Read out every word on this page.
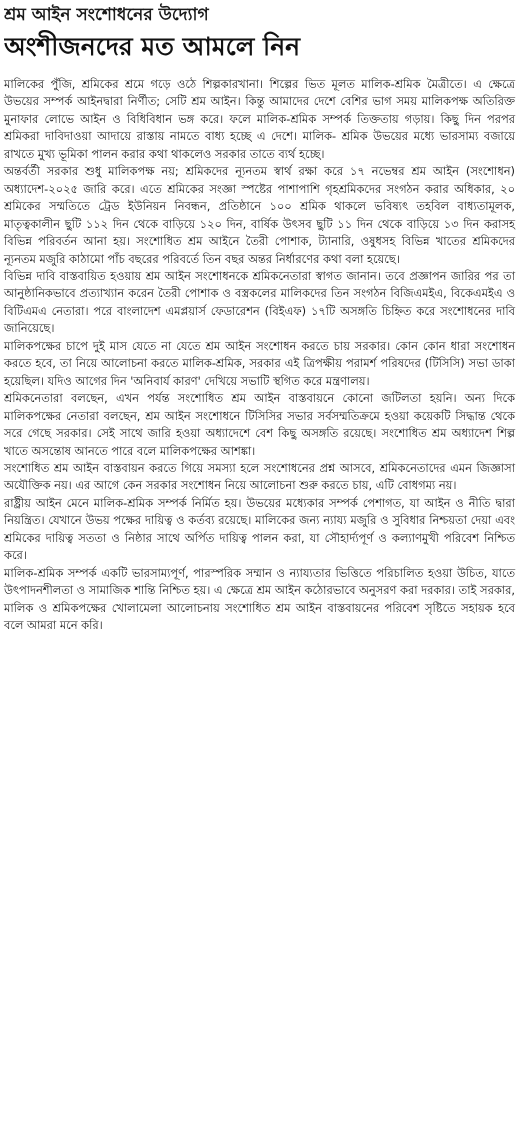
শ্রম আইন সংশোধনের উদ্যোগ
অংশীজনদের মত আমলে নিন

মালিকের পুঁজি, শ্রমিকের শ্রমে গড়ে ওঠে শিল্পকারখানা। শিল্পের ভিত মূলত মালিক-শ্রমিক মৈত্রীতে। এ ক্ষেত্রে উভয়ের সম্পর্ক আইনদ্বারা নির্ণীত; সেটি শ্রম আইন। কিন্তু আমাদের দেশে বেশির ভাগ সময় মালিকপক্ষ অতিরিক্ত মুনাফার লোভে আইন ও বিধিবিধান ভঙ্গ করে। ফলে মালিক-শ্রমিক সম্পর্ক তিক্ততায় গড়ায়। কিছু দিন পরপর শ্রমিকরা দাবিদাওয়া আদায়ে রাস্তায় নামতে বাধ্য হচ্ছে এ দেশে। মালিক- শ্রমিক উভয়ের মধ্যে ভারসাম্য বজায়ে রাখতে মুখ্য ভূমিকা পালন করার কথা থাকলেও সরকার তাতে ব্যর্থ হচ্ছে।

অন্তর্বর্তী সরকার শুধু মালিকপক্ষ নয়; শ্রমিকদের ন্যূনতম স্বার্থ রক্ষা করে ১৭ নভেম্বর শ্রম আইন (সংশোধন) অধ্যাদেশ-২০২৫ জারি করে। এতে শ্রমিকের সংজ্ঞা স্পষ্টের পাশাপাশি গৃহশ্রমিকদের সংগঠন করার অধিকার, ২০ শ্রমিকের সম্মতিতে ট্রেড ইউনিয়ন নিবন্ধন, প্রতিষ্ঠানে ১০০ শ্রমিক থাকলে ভবিষ্যৎ তহবিল বাধ্যতামূলক, মাতৃত্বকালীন ছুটি ১১২ দিন থেকে বাড়িয়ে ১২০ দিন, বার্ষিক উৎসব ছুটি ১১ দিন থেকে বাড়িয়ে ১৩ দিন করাসহ বিভিন্ন পরিবর্তন আনা হয়। সংশোধিত শ্রম আইনে তৈরী পোশাক, ট্যানারি, ওষুধসহ বিভিন্ন খাতের শ্রমিকদের ন্যূনতম মজুরি কাঠামো পাঁচ বছরের পরিবর্তে তিন বছর অন্তর নির্ধারণের কথা বলা হয়েছে।

বিভিন্ন দাবি বাস্তবায়িত হওয়ায় শ্রম আইন সংশোধনকে শ্রমিকনেতারা স্বাগত জানান। তবে প্রজ্ঞাপন জারির পর তা আনুষ্ঠানিকভাবে প্রত্যাখ্যান করেন তৈরী পোশাক ও বস্ত্রকলের মালিকদের তিন সংগঠন বিজিএমইএ, বিকেএমইএ ও বিটিএমএ নেতারা। পরে বাংলাদেশ এমপ্লয়ার্স ফেডারেশন (বিইএফ) ১৭টি অসঙ্গতি চিহ্নিত করে সংশোধনের দাবি জানিয়েছে।

মালিকপক্ষের চাপে দুই মাস যেতে না যেতে শ্রম আইন সংশোধন করতে চায় সরকার। কোন কোন ধারা সংশোধন করতে হবে, তা নিয়ে আলোচনা করতে মালিক-শ্রমিক, সরকার এই ত্রিপক্ষীয় পরামর্শ পরিষদের (টিসিসি) সভা ডাকা হয়েছিল। যদিও আগের দিন 'অনিবার্য কারণ' দেখিয়ে সভাটি স্থগিত করে মন্ত্রণালয়।

শ্রমিকনেতারা বলছেন, এখন পর্যন্ত সংশোধিত শ্রম আইন বাস্তবায়নে কোনো জটিলতা হয়নি। অন্য দিকে মালিকপক্ষের নেতারা বলছেন, শ্রম আইন সংশোধনে টিসিসির সভার সর্বসম্মতিক্রমে হওয়া কয়েকটি সিদ্ধান্ত থেকে সরে গেছে সরকার। সেই সাথে জারি হওয়া অধ্যাদেশে বেশ কিছু অসঙ্গতি রয়েছে। সংশোধিত শ্রম অধ্যাদেশ শিল্প খাতে অসন্তোষ আনতে পারে বলে মালিকপক্ষের আশঙ্কা।

সংশোধিত শ্রম আইন বাস্তবায়ন করতে গিয়ে সমস্যা হলে সংশোধনের প্রশ্ন আসবে, শ্রমিকনেতাদের এমন জিজ্ঞাসা অযৌক্তিক নয়। এর আগে কেন সরকার সংশোধন নিয়ে আলোচনা শুরু করতে চায়, এটি বোধগম্য নয়।

রাষ্ট্রীয় আইন মেনে মালিক-শ্রমিক সম্পর্ক নির্মিত হয়। উভয়ের মধ্যেকার সম্পর্ক পেশাগত, যা আইন ও নীতি দ্বারা নিয়ন্ত্রিত। যেখানে উভয় পক্ষের দায়িত্ব ও কর্তব্য রয়েছে। মালিকের জন্য ন্যায্য মজুরি ও সুবিধার নিশ্চয়তা দেয়া এবং শ্রমিকের দায়িত্ব সততা ও নিষ্ঠার সাথে অর্পিত দায়িত্ব পালন করা, যা সৌহার্দ্যপূর্ণ ও কল্যাণমুখী পরিবেশ নিশ্চিত করে।

মালিক-শ্রমিক সম্পর্ক একটি ভারসাম্যপূর্ণ, পারস্পরিক সম্মান ও ন্যায্যতার ভিত্তিতে পরিচালিত হওয়া উচিত, যাতে উৎপাদনশীলতা ও সামাজিক শান্তি নিশ্চিত হয়। এ ক্ষেত্রে শ্রম আইন কঠোরভাবে অনুসরণ করা দরকার। তাই সরকার, মালিক ও শ্রমিকপক্ষের খোলামেলা আলোচনায় সংশোধিত শ্রম আইন বাস্তবায়নের পরিবেশ সৃষ্টিতে সহায়ক হবে বলে আমরা মনে করি।
